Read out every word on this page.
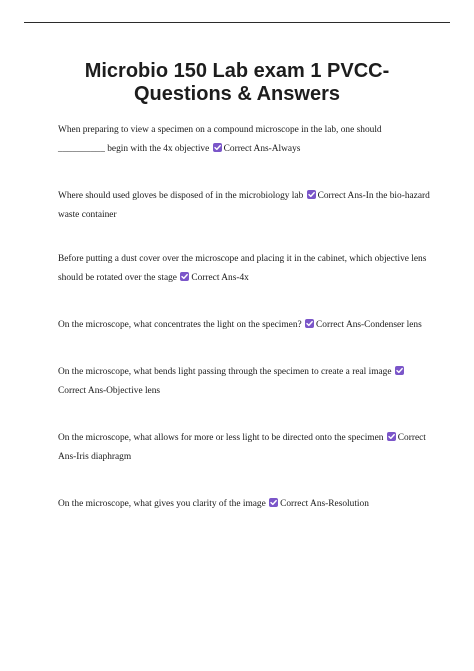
Microbio 150 Lab exam 1 PVCC-
Questions & Answers

When preparing to view a specimen on a compound microscope in the lab, one should __________ begin with the 4x objective Correct Ans-Always

Where should used gloves be disposed of in the microbiology lab Correct Ans-In the bio-hazard waste container

Before putting a dust cover over the microscope and placing it in the cabinet, which objective lens should be rotated over the stage Correct Ans-4x

On the microscope, what concentrates the light on the specimen? Correct Ans-Condenser lens

On the microscope, what bends light passing through the specimen to create a real image
Correct Ans-Objective lens

On the microscope, what allows for more or less light to be directed onto the specimen Correct Ans-Iris diaphragm

On the microscope, what gives you clarity of the image Correct Ans-Resolution
